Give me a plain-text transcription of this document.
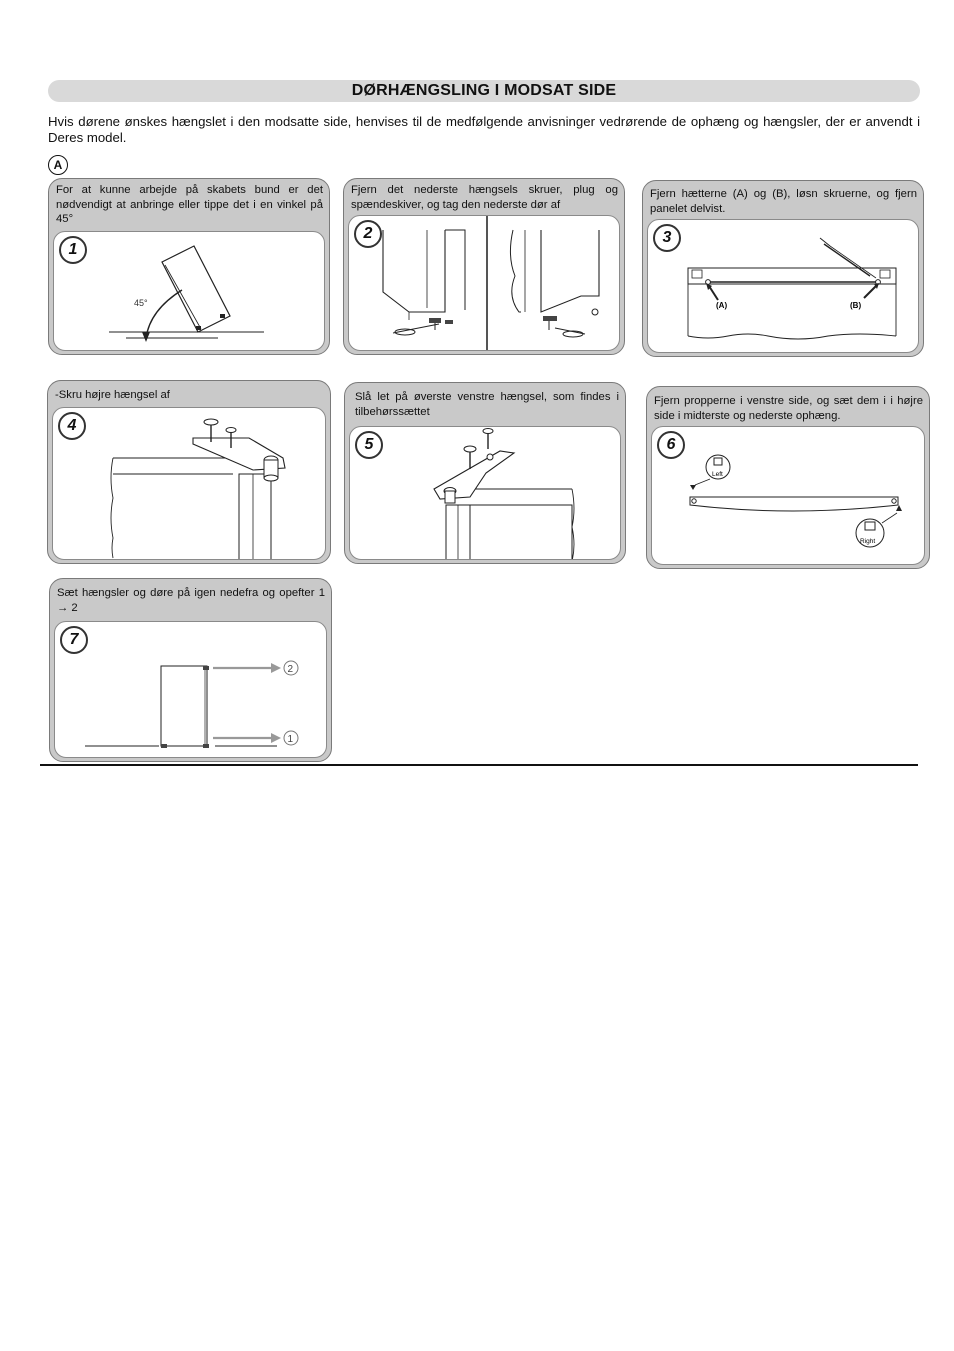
DØRHÆNGSLING I MODSAT SIDE
Hvis dørene ønskes hængslet i den modsatte side, henvises til de medfølgende anvisninger vedrørende de ophæng og hængsler, der er anvendt i Deres model.
A
For at kunne arbejde på skabets bund er det nødvendigt at anbringe eller tippe det i en vinkel på 45°
1
45°
Fjern det nederste hængsels skruer, plug og spændeskiver, og tag den nederste dør af
2
Fjern hætterne (A) og (B), løsn skruerne, og fjern panelet delvist.
3
(A)	(B)
-Skru højre hængsel af
4
Slå let på øverste venstre hængsel, som findes i tilbehørssættet
5
Fjern propperne i venstre side, og sæt dem i i højre side i midterste og nederste ophæng.
6
Left
Right
Sæt hængsler og døre på igen nedefra og opefter 1 → 2
7
2
1
